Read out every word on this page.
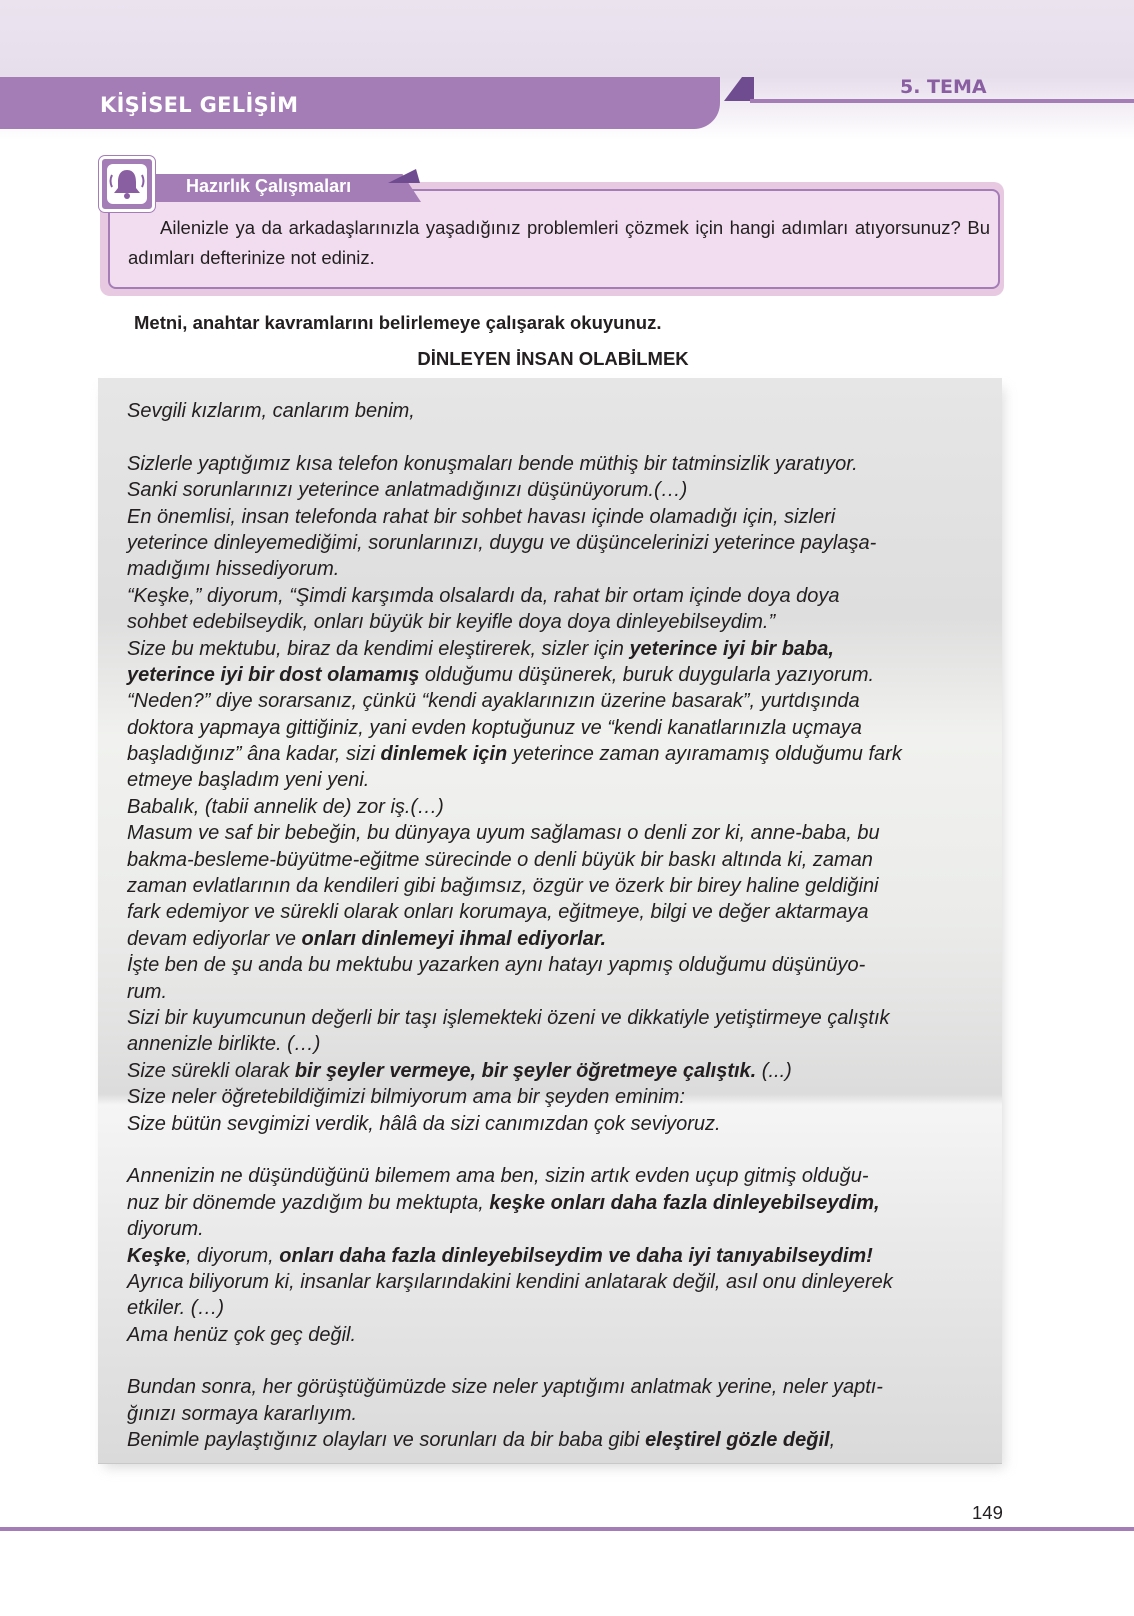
KİŞİSEL GELİŞİM
5. TEMA
Ailenizle ya da arkadaşlarınızla yaşadığınız problemleri çözmek için hangi adımları atıyorsunuz? Bu adımları defterinize not ediniz.
Hazırlık Çalışmaları
Metni, anahtar kavramlarını belirlemeye çalışarak okuyunuz.
DİNLEYEN İNSAN OLABİLMEK
Sevgili kızlarım, canlarım benim,
Sizlerle yaptığımız kısa telefon konuşmaları bende müthiş bir tatminsizlik yaratıyor.
Sanki sorunlarınızı yeterince anlatmadığınızı düşünüyorum.(…)
En önemlisi, insan telefonda rahat bir sohbet havası içinde olamadığı için, sizleri
yeterince dinleyemediğimi, sorunlarınızı, duygu ve düşüncelerinizi yeterince paylaşa-
madığımı hissediyorum.
“Keşke,” diyorum, “Şimdi karşımda olsalardı da, rahat bir ortam içinde doya doya
sohbet edebilseydik, onları büyük bir keyifle doya doya dinleyebilseydim.”
Size bu mektubu, biraz da kendimi eleştirerek, sizler için yeterince iyi bir baba,
yeterince iyi bir dost olamamış olduğumu düşünerek, buruk duygularla yazıyorum.
“Neden?” diye sorarsanız, çünkü “kendi ayaklarınızın üzerine basarak”, yurtdışında
doktora yapmaya gittiğiniz, yani evden koptuğunuz ve “kendi kanatlarınızla uçmaya
başladığınız” âna kadar, sizi dinlemek için yeterince zaman ayıramamış olduğumu fark
etmeye başladım yeni yeni.
Babalık, (tabii annelik de) zor iş.(…)
Masum ve saf bir bebeğin, bu dünyaya uyum sağlaması o denli zor ki, anne-baba, bu
bakma-besleme-büyütme-eğitme sürecinde o denli büyük bir baskı altında ki, zaman
zaman evlatlarının da kendileri gibi bağımsız, özgür ve özerk bir birey haline geldiğini
fark edemiyor ve sürekli olarak onları korumaya, eğitmeye, bilgi ve değer aktarmaya
devam ediyorlar ve onları dinlemeyi ihmal ediyorlar.
İşte ben de şu anda bu mektubu yazarken aynı hatayı yapmış olduğumu düşünüyo-
rum.
Sizi bir kuyumcunun değerli bir taşı işlemekteki özeni ve dikkatiyle yetiştirmeye çalıştık
annenizle birlikte. (…)
Size sürekli olarak bir şeyler vermeye, bir şeyler öğretmeye çalıştık. (...)
Size neler öğretebildiğimizi bilmiyorum ama bir şeyden eminim:
Size bütün sevgimizi verdik, hâlâ da sizi canımızdan çok seviyoruz.
Annenizin ne düşündüğünü bilemem ama ben, sizin artık evden uçup gitmiş olduğu-
nuz bir dönemde yazdığım bu mektupta, keşke onları daha fazla dinleyebilseydim,
diyorum.
Keşke, diyorum, onları daha fazla dinleyebilseydim ve daha iyi tanıyabilseydim!
Ayrıca biliyorum ki, insanlar karşılarındakini kendini anlatarak değil, asıl onu dinleyerek
etkiler. (…)
Ama henüz çok geç değil.
Bundan sonra, her görüştüğümüzde size neler yaptığımı anlatmak yerine, neler yaptı-
ğınızı sormaya kararlıyım.
Benimle paylaştığınız olayları ve sorunları da bir baba gibi eleştirel gözle değil,
149
